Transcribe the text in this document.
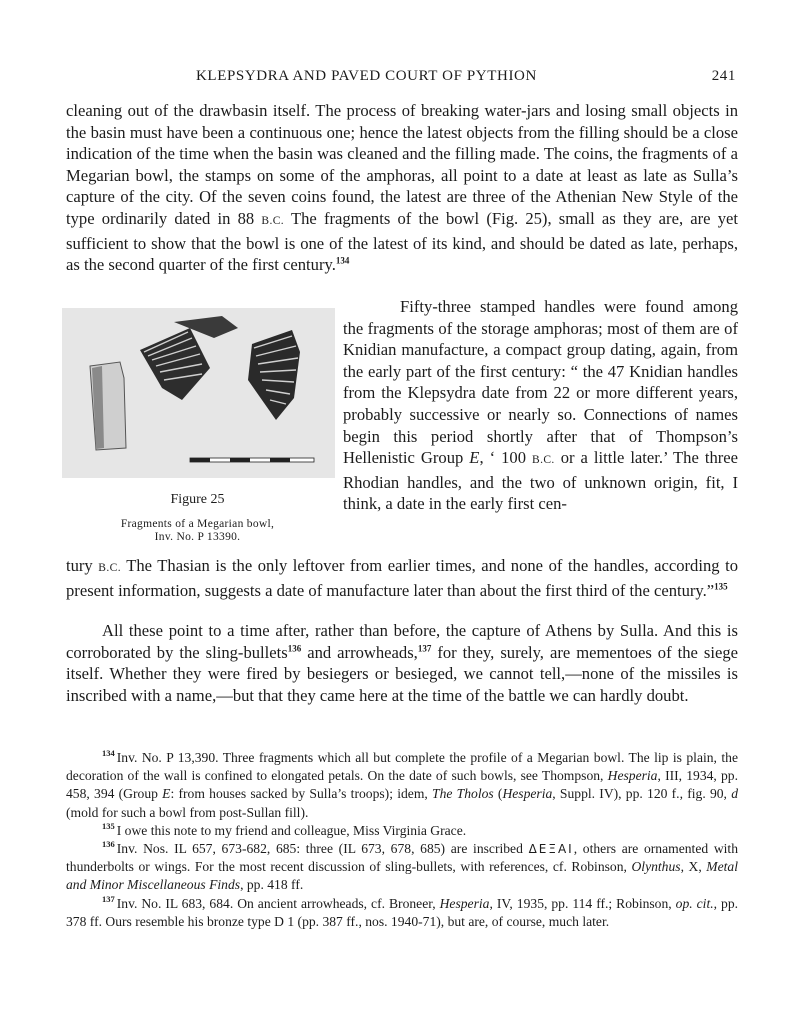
KLEPSYDRA AND PAVED COURT OF PYTHION	241

cleaning out of the drawbasin itself. The process of breaking water-jars and losing small objects in the basin must have been a continuous one; hence the latest objects from the filling should be a close indication of the time when the basin was cleaned and the filling made. The coins, the fragments of a Megarian bowl, the stamps on some of the amphoras, all point to a date at least as late as Sulla’s capture of the city. Of the seven coins found, the latest are three of the Athenian New Style of the type ordinarily dated in 88 B.C. The fragments of the bowl (Fig. 25), small as they are, are yet sufficient to show that the bowl is one of the latest of its kind, and should be dated as late, perhaps, as the second quarter of the first century.$^{134}$

Figure 25
Fragments of a Megarian bowl,
Inv. No. P 13390.

Fifty-three stamped handles were found among the fragments of the storage amphoras; most of them are of Knidian manufacture, a compact group dating, again, from the early part of the first century: “ the 47 Knidian handles from the Klepsydra date from 22 or more different years, probably successive or nearly so. Connections of names begin this period shortly after that of Thompson’s Hellenistic Group E, ‘ 100 B.C. or a little later.’ The three Rhodian handles, and the two of unknown origin, fit, I think, a date in the early first cen-

tury B.C. The Thasian is the only leftover from earlier times, and none of the handles, according to present information, suggests a date of manufacture later than about the first third of the century.”$^{135}$

All these point to a time after, rather than before, the capture of Athens by Sulla. And this is corroborated by the sling-bullets$^{136}$ and arrowheads,$^{137}$ for they, surely, are mementoes of the siege itself. Whether they were fired by besiegers or besieged, we cannot tell,—none of the missiles is inscribed with a name,—but that they came here at the time of the battle we can hardly doubt.

$^{134}$ Inv. No. P 13,390. Three fragments which all but complete the profile of a Megarian bowl. The lip is plain, the decoration of the wall is confined to elongated petals. On the date of such bowls, see Thompson, Hesperia, III, 1934, pp. 458, 394 (Group E: from houses sacked by Sulla’s troops); idem, The Tholos (Hesperia, Suppl. IV), pp. 120 f., fig. 90, d (mold for such a bowl from post-Sullan fill).

$^{135}$ I owe this note to my friend and colleague, Miss Virginia Grace.

$^{136}$ Inv. Nos. IL 657, 673-682, 685: three (IL 673, 678, 685) are inscribed ΔΕΞΑΙ, others are ornamented with thunderbolts or wings. For the most recent discussion of sling-bullets, with references, cf. Robinson, Olynthus, X, Metal and Minor Miscellaneous Finds, pp. 418 ff.

$^{137}$ Inv. No. IL 683, 684. On ancient arrowheads, cf. Broneer, Hesperia, IV, 1935, pp. 114 ff.; Robinson, op. cit., pp. 378 ff. Ours resemble his bronze type D 1 (pp. 387 ff., nos. 1940-71), but are, of course, much later.
